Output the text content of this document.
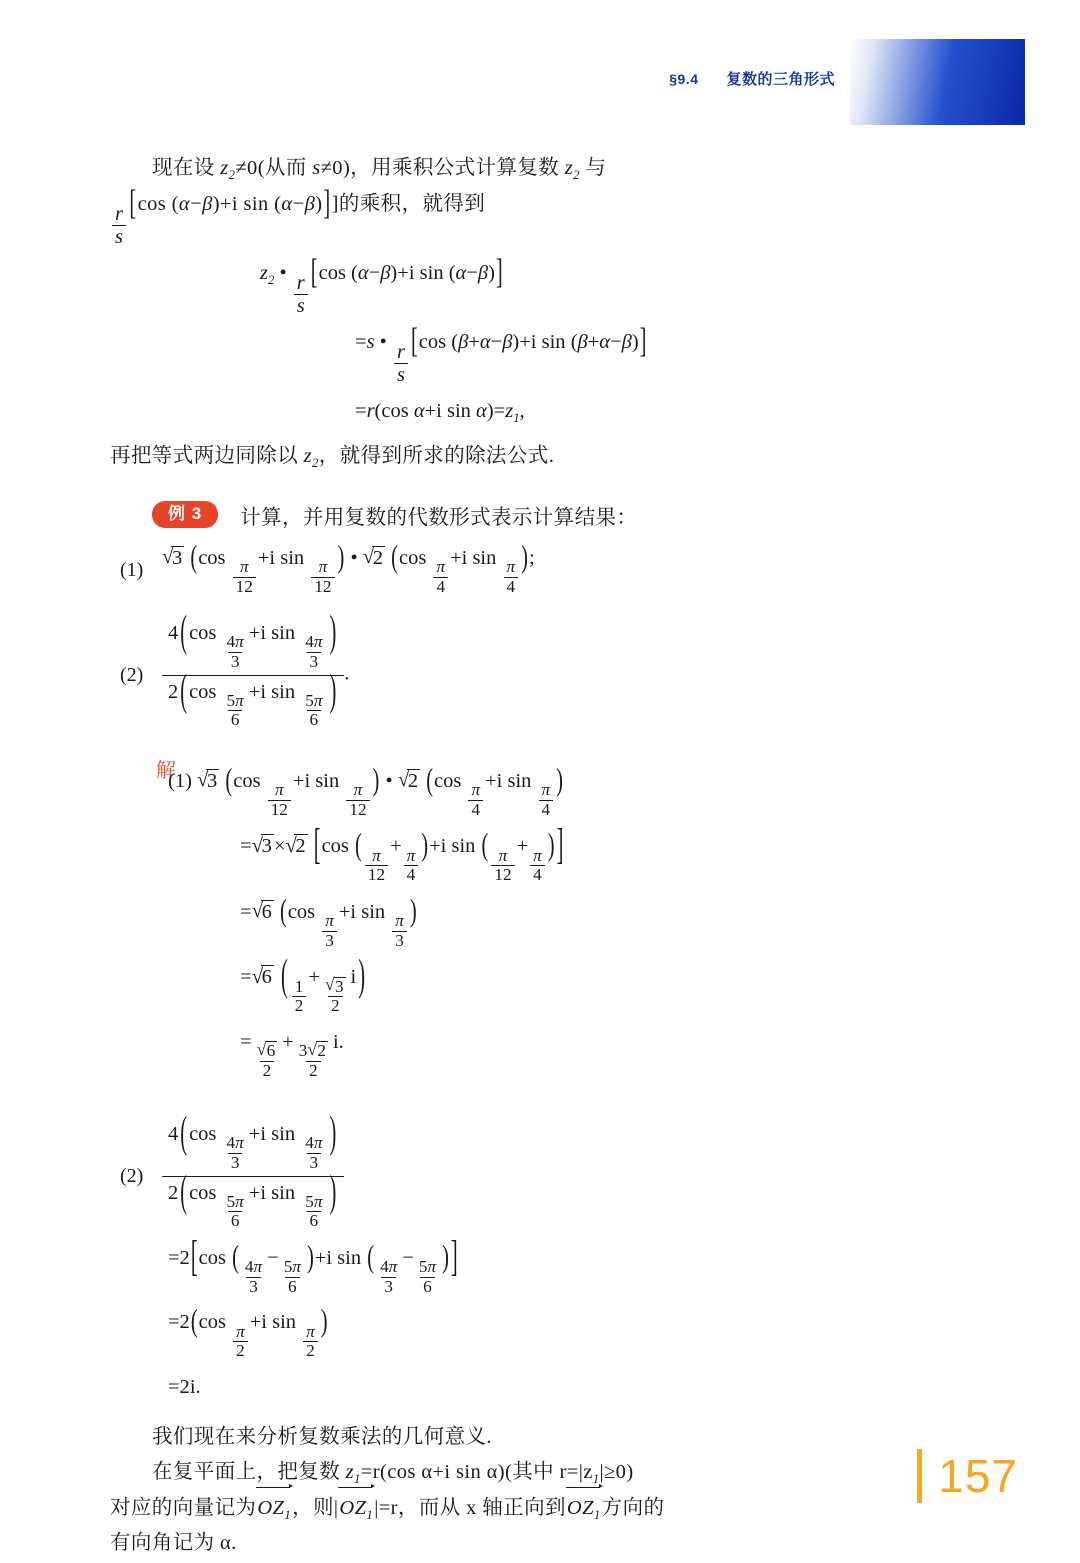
§9.4 复数的三角形式

现在设 $z_2\ne 0$(从而 s≠0)，用乘积公式计算复数 $z_2$ 与

$\frac{r}{s} [\cos$ (α−β)+i sin (α−β)]]的乘积，就得到

$z_2$ • $\frac{r}{s} [\cos$ (α−β)+i sin (α−β)]
=s • $\frac{r}{s} [\cos$ (β+α−β)+i sin (β+α−β)]
=r(cos α+i $\sin \alpha)=z_1$,

再把等式两边同除以 $z_2$，就得到所求的除法公式.

例 3	计算，并用复数的代数形式表示计算结果：
(1)
√ 3 (cos
$\frac{\pi}{12}$
+i sin
$\frac{\pi}{12}$
) • √ 2 (cos
$\frac{\pi}{4}$
+i sin
$\frac{\pi}{4}$
);
(2) 4(cos
$\frac{4\pi}{3}$
+i sin
$\frac{4\pi}{3}$ )
2(cos
$\frac{5\pi}{6}$
+i sin
$\frac{5\pi}{6}$ ) .
解
(1) √ 3 (cos
$\frac{\pi}{12}$
+i sin
$\frac{\pi}{12}$
) • √ 2 (cos
$\frac{\pi}{4}$
+i sin
$\frac{\pi}{4}$
)
= √ 3× √ 2 [cos (
$\frac{\pi}{12}$
+
$\frac{\pi}{4}$
)+i sin (
$\frac{\pi}{12}$
+
$\frac{\pi}{4}$
)]
= √ 6 (cos
$\frac{\pi}{3}$
+i sin
$\frac{\pi}{3}$
)
= √ 6 ( $\frac{1}{2}$
+ √ $\frac{3}{2} i$)
= √ $\frac{6}{2} + \frac{3 √ 2}{2} i$.
(2) 4(cos
$\frac{4\pi}{3}$
+i sin
$\frac{4\pi}{3}$ )
2(cos
$\frac{5\pi}{6}$
+i sin
$\frac{5\pi}{6}$ )
=2[cos (
$\frac{4\pi}{3}$
−
$\frac{5\pi}{6}$
)+i sin (
$\frac{4\pi}{3}$
−
$\frac{5\pi}{6}$
)]
=2(cos
$\frac{\pi}{2}$
+i sin
$\frac{\pi}{2}$
)
=2i.

我们现在来分析复数乘法的几何意义.

在复平面上，把复数 $z_1=r(\cos$ α+i sin α)(其中 $r=|z_1|\ge 0$)

对应的向量记为$OZ_1$，则$|OZ_1|=r$，而从 x 轴正向到$OZ_1$方向的

有向角记为 α.

157
